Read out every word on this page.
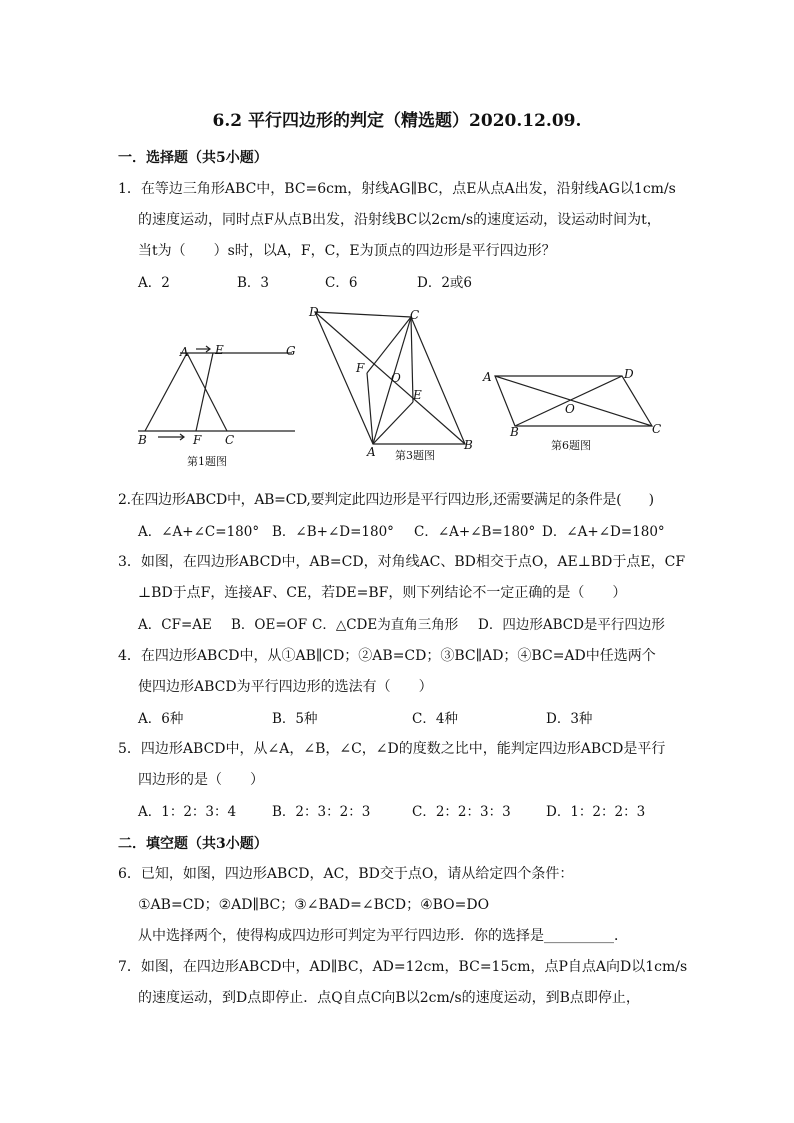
6.2 平行四边形的判定（精选题）2020.12.09.
一．选择题（共5小题）
1．在等边三角形ABC中，BC=6cm，射线AG∥BC，点E从点A出发，沿射线AG以1cm/s
的速度运动，同时点F从点B出发，沿射线BC以2cm/s的速度运动，设运动时间为t，
当t为（　　）s时，以A，F，C，E为顶点的四边形是平行四边形？
A．2	B．3	C．6	D．2或6
A E	G
B	F C
D	C
F
O
E
A	B
A	D
O
B	C
第1题图	第3题图
第6题图
2.在四边形ABCD中，AB=CD,要判定此四边形是平行四边形,还需要满足的条件是(　　)
A．∠A+∠C=180° B．∠B+∠D=180° C．∠A+∠B=180° D．∠A+∠D=180°
3．如图，在四边形ABCD中，AB=CD，对角线AC、BD相交于点O，AE⊥BD于点E，CF
⊥BD于点F，连接AF、CE，若DE=BF，则下列结论不一定正确的是（　　）
A．CF=AE B．OE=OF C．△CDE为直角三角形 D．四边形ABCD是平行四边形
4．在四边形ABCD中，从①AB∥CD；②AB=CD；③BC∥AD；④BC=AD中任选两个
使四边形ABCD为平行四边形的选法有（　　）
A．6种	B．5种	C．4种	D．3种
5．四边形ABCD中，从∠A，∠B，∠C，∠D的度数之比中，能判定四边形ABCD是平行
四边形的是（　　）
A．1：2：3：4	B．2：3：2：3	C．2：2：3：3	D．1：2：2：3
二．填空题（共3小题）
6．已知，如图，四边形ABCD，AC，BD交于点O，请从给定四个条件：
①AB=CD；②AD∥BC；③∠BAD=∠BCD；④BO=DO
从中选择两个，使得构成四边形可判定为平行四边形．你的选择是__________．
7．如图，在四边形ABCD中，AD∥BC，AD=12cm，BC=15cm，点P自点A向D以1cm/s
的速度运动，到D点即停止．点Q自点C向B以2cm/s的速度运动，到B点即停止，
